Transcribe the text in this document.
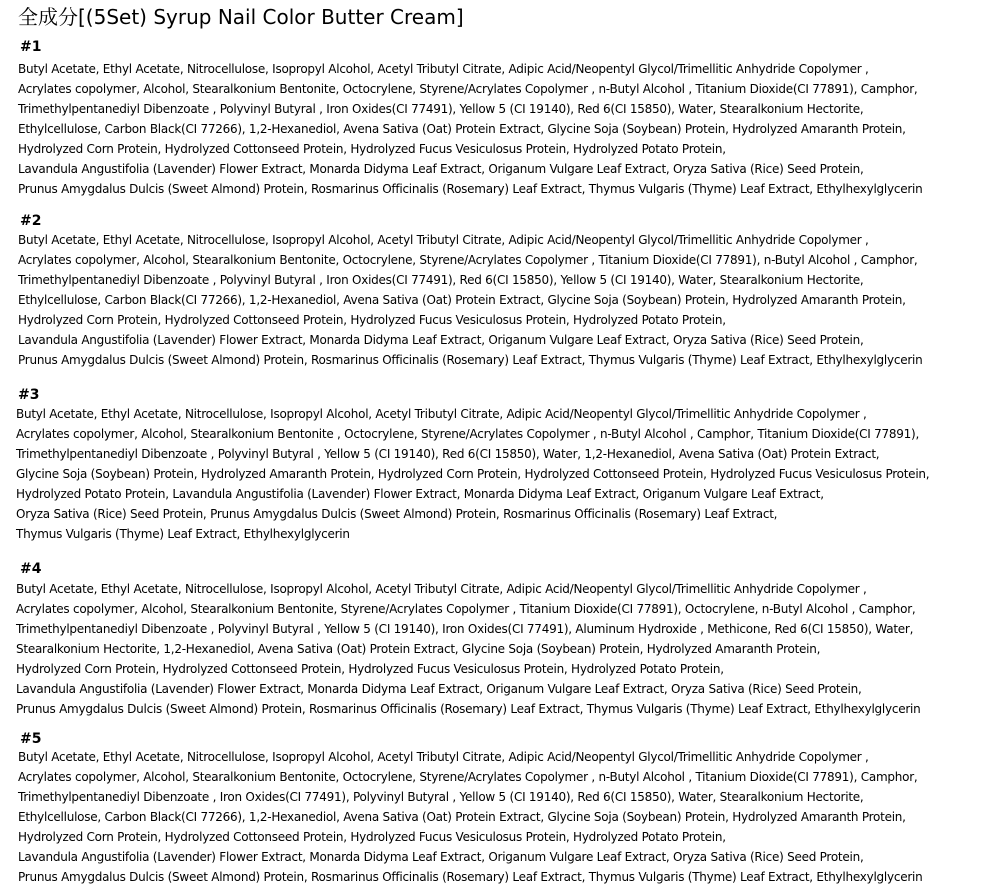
全成分[(5Set) Syrup Nail Color Butter Cream]
#1
Butyl Acetate, Ethyl Acetate, Nitrocellulose, Isopropyl Alcohol, Acetyl Tributyl Citrate, Adipic Acid/Neopentyl Glycol/Trimellitic Anhydride Copolymer ,
Acrylates copolymer, Alcohol, Stearalkonium Bentonite, Octocrylene, Styrene/Acrylates Copolymer , n-Butyl Alcohol , Titanium Dioxide(CI 77891), Camphor,
Trimethylpentanediyl Dibenzoate , Polyvinyl Butyral , Iron Oxides(CI 77491), Yellow 5 (CI 19140), Red 6(CI 15850), Water, Stearalkonium Hectorite,
Ethylcellulose, Carbon Black(CI 77266), 1,2-Hexanediol, Avena Sativa (Oat) Protein Extract, Glycine Soja (Soybean) Protein, Hydrolyzed Amaranth Protein,
Hydrolyzed Corn Protein, Hydrolyzed Cottonseed Protein, Hydrolyzed Fucus Vesiculosus Protein, Hydrolyzed Potato Protein,
Lavandula Angustifolia (Lavender) Flower Extract, Monarda Didyma Leaf Extract, Origanum Vulgare Leaf Extract, Oryza Sativa (Rice) Seed Protein,
Prunus Amygdalus Dulcis (Sweet Almond) Protein, Rosmarinus Officinalis (Rosemary) Leaf Extract, Thymus Vulgaris (Thyme) Leaf Extract, Ethylhexylglycerin
#2
Butyl Acetate, Ethyl Acetate, Nitrocellulose, Isopropyl Alcohol, Acetyl Tributyl Citrate, Adipic Acid/Neopentyl Glycol/Trimellitic Anhydride Copolymer ,
Acrylates copolymer, Alcohol, Stearalkonium Bentonite, Octocrylene, Styrene/Acrylates Copolymer , Titanium Dioxide(CI 77891), n-Butyl Alcohol , Camphor,
Trimethylpentanediyl Dibenzoate , Polyvinyl Butyral , Iron Oxides(CI 77491), Red 6(CI 15850), Yellow 5 (CI 19140), Water, Stearalkonium Hectorite,
Ethylcellulose, Carbon Black(CI 77266), 1,2-Hexanediol, Avena Sativa (Oat) Protein Extract, Glycine Soja (Soybean) Protein, Hydrolyzed Amaranth Protein,
Hydrolyzed Corn Protein, Hydrolyzed Cottonseed Protein, Hydrolyzed Fucus Vesiculosus Protein, Hydrolyzed Potato Protein,
Lavandula Angustifolia (Lavender) Flower Extract, Monarda Didyma Leaf Extract, Origanum Vulgare Leaf Extract, Oryza Sativa (Rice) Seed Protein,
Prunus Amygdalus Dulcis (Sweet Almond) Protein, Rosmarinus Officinalis (Rosemary) Leaf Extract, Thymus Vulgaris (Thyme) Leaf Extract, Ethylhexylglycerin
#3
Butyl Acetate, Ethyl Acetate, Nitrocellulose, Isopropyl Alcohol, Acetyl Tributyl Citrate, Adipic Acid/Neopentyl Glycol/Trimellitic Anhydride Copolymer ,
Acrylates copolymer, Alcohol, Stearalkonium Bentonite , Octocrylene, Styrene/Acrylates Copolymer , n-Butyl Alcohol , Camphor, Titanium Dioxide(CI 77891),
Trimethylpentanediyl Dibenzoate , Polyvinyl Butyral , Yellow 5 (CI 19140), Red 6(CI 15850), Water, 1,2-Hexanediol, Avena Sativa (Oat) Protein Extract,
Glycine Soja (Soybean) Protein, Hydrolyzed Amaranth Protein, Hydrolyzed Corn Protein, Hydrolyzed Cottonseed Protein, Hydrolyzed Fucus Vesiculosus Protein,
Hydrolyzed Potato Protein, Lavandula Angustifolia (Lavender) Flower Extract, Monarda Didyma Leaf Extract, Origanum Vulgare Leaf Extract,
Oryza Sativa (Rice) Seed Protein, Prunus Amygdalus Dulcis (Sweet Almond) Protein, Rosmarinus Officinalis (Rosemary) Leaf Extract,
Thymus Vulgaris (Thyme) Leaf Extract, Ethylhexylglycerin
#4
Butyl Acetate, Ethyl Acetate, Nitrocellulose, Isopropyl Alcohol, Acetyl Tributyl Citrate, Adipic Acid/Neopentyl Glycol/Trimellitic Anhydride Copolymer ,
Acrylates copolymer, Alcohol, Stearalkonium Bentonite, Styrene/Acrylates Copolymer , Titanium Dioxide(CI 77891), Octocrylene, n-Butyl Alcohol , Camphor,
Trimethylpentanediyl Dibenzoate , Polyvinyl Butyral , Yellow 5 (CI 19140), Iron Oxides(CI 77491), Aluminum Hydroxide , Methicone, Red 6(CI 15850), Water,
Stearalkonium Hectorite, 1,2-Hexanediol, Avena Sativa (Oat) Protein Extract, Glycine Soja (Soybean) Protein, Hydrolyzed Amaranth Protein,
Hydrolyzed Corn Protein, Hydrolyzed Cottonseed Protein, Hydrolyzed Fucus Vesiculosus Protein, Hydrolyzed Potato Protein,
Lavandula Angustifolia (Lavender) Flower Extract, Monarda Didyma Leaf Extract, Origanum Vulgare Leaf Extract, Oryza Sativa (Rice) Seed Protein,
Prunus Amygdalus Dulcis (Sweet Almond) Protein, Rosmarinus Officinalis (Rosemary) Leaf Extract, Thymus Vulgaris (Thyme) Leaf Extract, Ethylhexylglycerin
#5
Butyl Acetate, Ethyl Acetate, Nitrocellulose, Isopropyl Alcohol, Acetyl Tributyl Citrate, Adipic Acid/Neopentyl Glycol/Trimellitic Anhydride Copolymer ,
Acrylates copolymer, Alcohol, Stearalkonium Bentonite, Octocrylene, Styrene/Acrylates Copolymer , n-Butyl Alcohol , Titanium Dioxide(CI 77891), Camphor,
Trimethylpentanediyl Dibenzoate , Iron Oxides(CI 77491), Polyvinyl Butyral , Yellow 5 (CI 19140), Red 6(CI 15850), Water, Stearalkonium Hectorite,
Ethylcellulose, Carbon Black(CI 77266), 1,2-Hexanediol, Avena Sativa (Oat) Protein Extract, Glycine Soja (Soybean) Protein, Hydrolyzed Amaranth Protein,
Hydrolyzed Corn Protein, Hydrolyzed Cottonseed Protein, Hydrolyzed Fucus Vesiculosus Protein, Hydrolyzed Potato Protein,
Lavandula Angustifolia (Lavender) Flower Extract, Monarda Didyma Leaf Extract, Origanum Vulgare Leaf Extract, Oryza Sativa (Rice) Seed Protein,
Prunus Amygdalus Dulcis (Sweet Almond) Protein, Rosmarinus Officinalis (Rosemary) Leaf Extract, Thymus Vulgaris (Thyme) Leaf Extract, Ethylhexylglycerin
